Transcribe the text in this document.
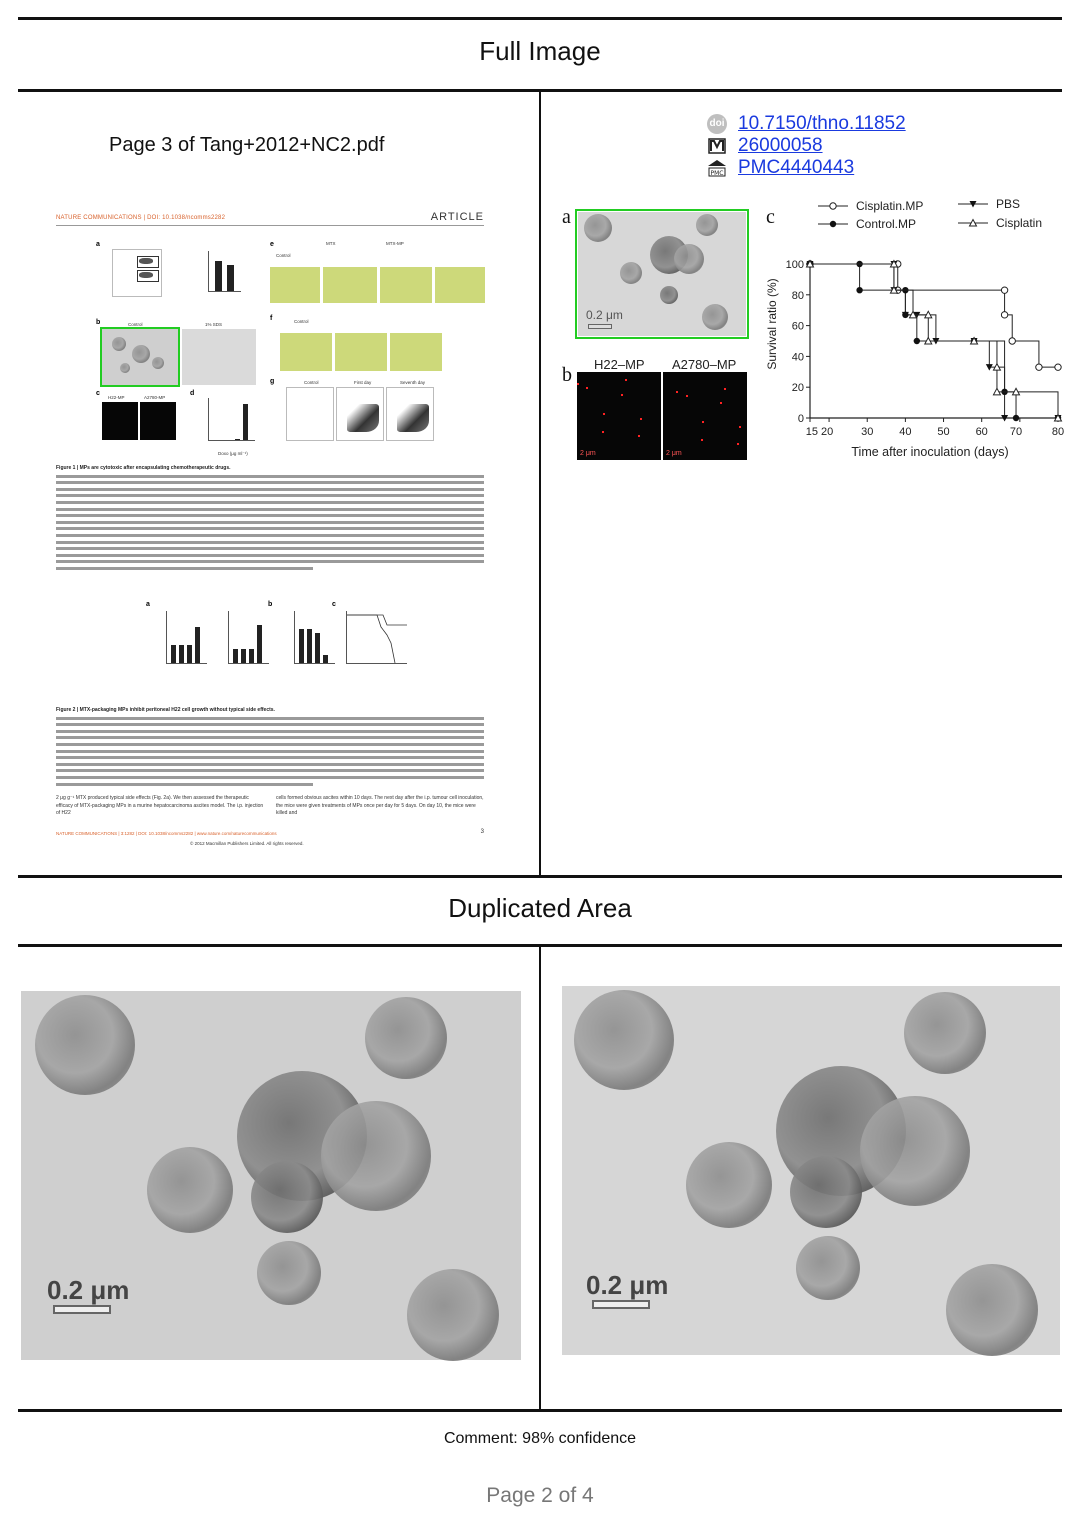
Full Image
Duplicated Area
Page 3 of Tang+2012+NC2.pdf
NATURE COMMUNICATIONS | DOI: 10.1038/ncomms2282	ARTICLE
a
b
c	d
e
f
g
Control	1% SDS
H22-MP	A2780-MP
Doxo (μg ml⁻¹)
MTX	MTX-MP
Control
Control
Control	First day	Seventh day
Figure 1 | MPs are cytotoxic after encapsulating chemotherapeutic drugs.
a	b	c
Figure 2 | MTX-packaging MPs inhibit peritoneal H22 cell growth without typical side effects.
2 μg g⁻¹ MTX produced typical side effects (Fig. 2a). We then assessed the therapeutic efficacy of MTX-packaging MPs in a murine hepatocarcinoma ascites model. The i.p. injection of H22
cells formed obvious ascites within 10 days. The next day after the i.p. tumour cell inoculation, the mice were given treatments of MPs once per day for 5 days. On day 10, the mice were killed and
NATURE COMMUNICATIONS | 3:1282 | DOI: 10.1038/ncomms2282 | www.nature.com/naturecommunications	3
© 2012 Macmillan Publishers Limited. All rights reserved.
doi 10.7150/thno.11852
26000058
PMC PMC4440443
a
0.2 μm
b H22–MP A2780–MP
2 μm	2 μm
c	Cisplatin.MP	PBS
Control.MP	Cisplatin
0
20
40
60
80
100
15 20	30 40 50 60 70	80
Survival ratio (%)
Time after inoculation (days)
0.2 μm	0.2 μm
Comment: 98% confidence
Page 2 of 4
